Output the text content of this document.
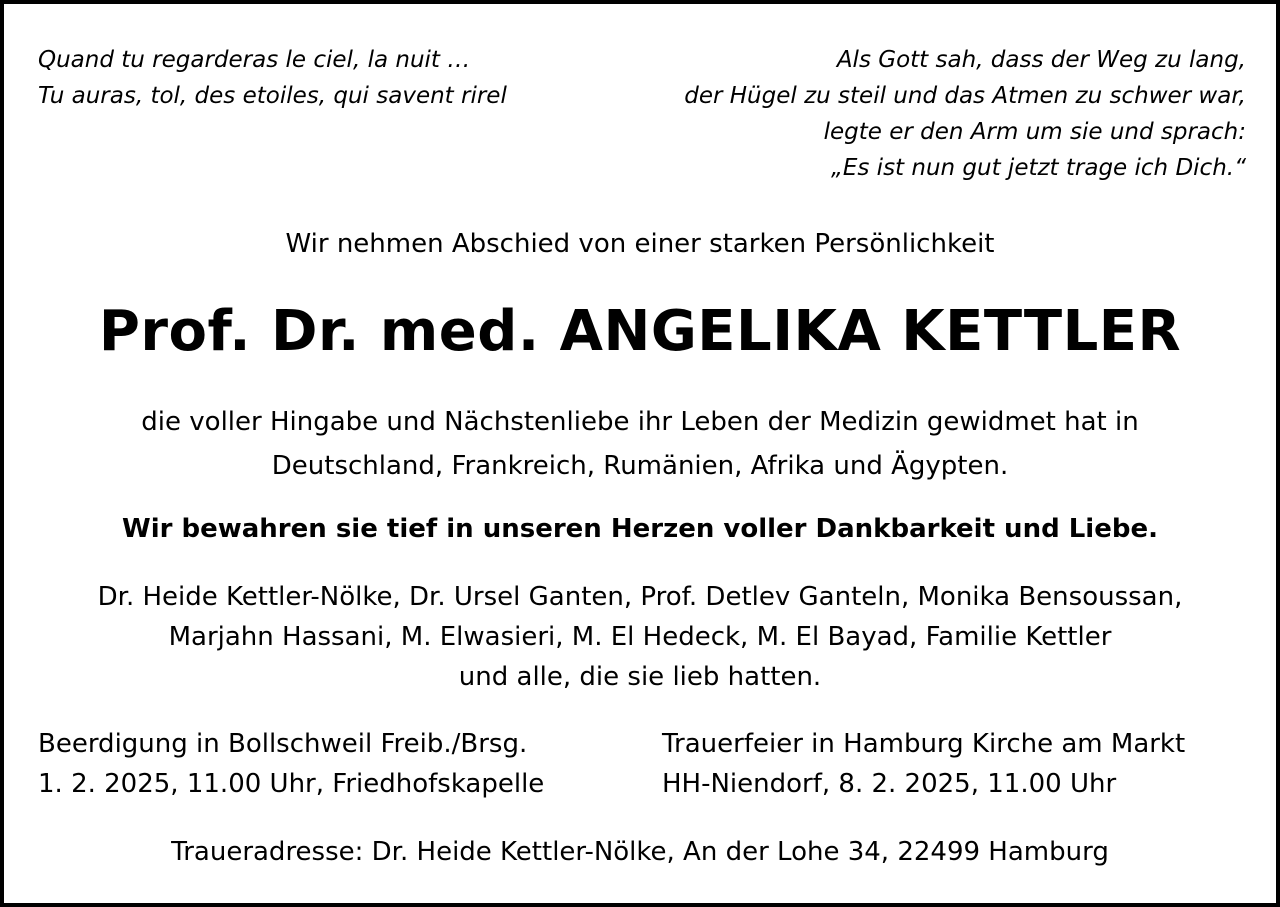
Quand tu regarderas le ciel, la nuit …
Tu auras, tol, des etoiles, qui savent rirel
Als Gott sah, dass der Weg zu lang,
der Hügel zu steil und das Atmen zu schwer war,
legte er den Arm um sie und sprach:
„Es ist nun gut jetzt trage ich Dich.“
Wir nehmen Abschied von einer starken Persönlichkeit
Prof. Dr. med. ANGELIKA KETTLER
die voller Hingabe und Nächstenliebe ihr Leben der Medizin gewidmet hat in
Deutschland, Frankreich, Rumänien, Afrika und Ägypten.
Wir bewahren sie tief in unseren Herzen voller Dankbarkeit und Liebe.
Dr. Heide Kettler-Nölke, Dr. Ursel Ganten, Prof. Detlev Ganteln, Monika Bensoussan,
Marjahn Hassani, M. Elwasieri, M. El Hedeck, M. El Bayad, Familie Kettler
und alle, die sie lieb hatten.
Beerdigung in Bollschweil Freib./Brsg.
1. 2. 2025, 11.00 Uhr, Friedhofskapelle
Trauerfeier in Hamburg Kirche am Markt
HH-Niendorf, 8. 2. 2025, 11.00 Uhr
Traueradresse: Dr. Heide Kettler-Nölke, An der Lohe 34, 22499 Hamburg
